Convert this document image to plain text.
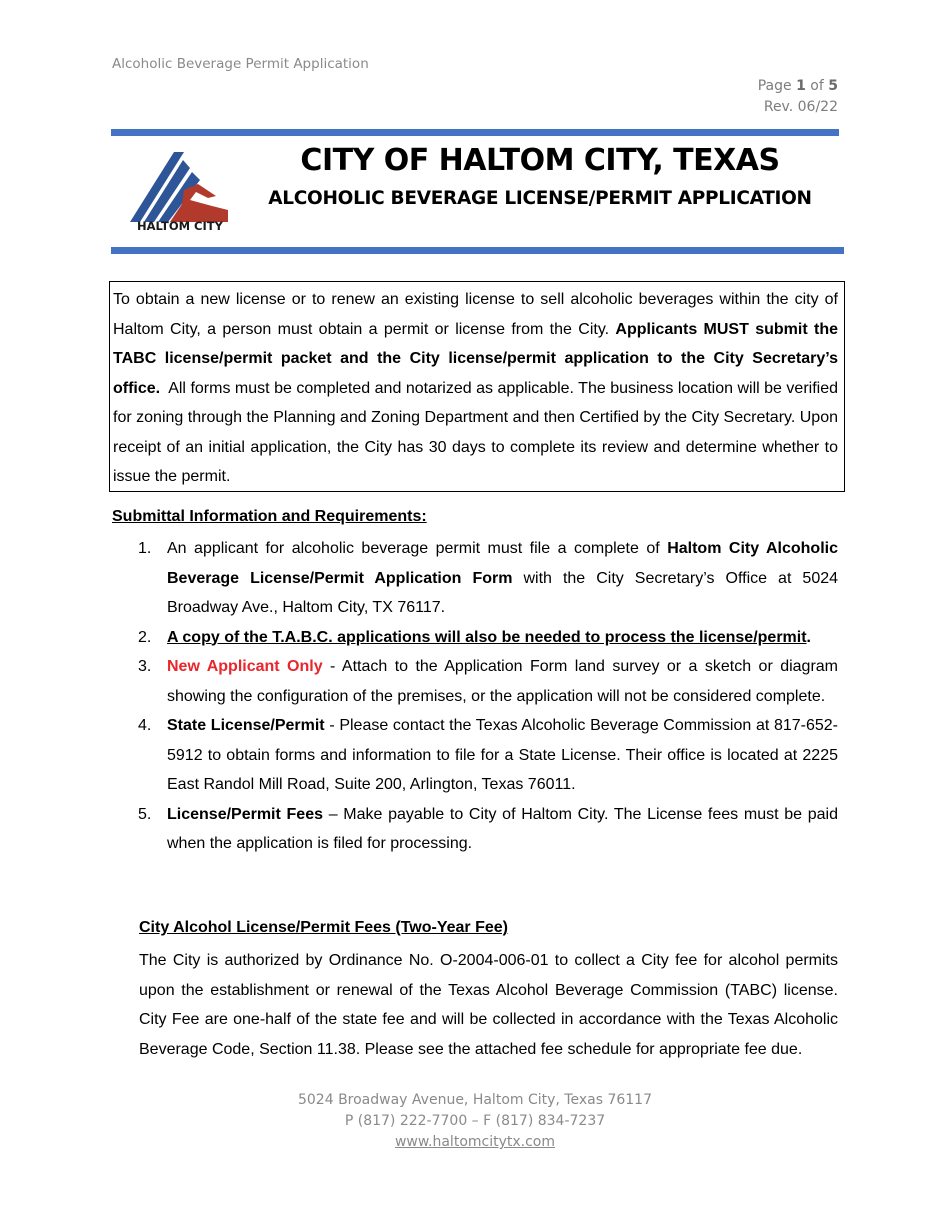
Alcoholic Beverage Permit Application
Page 1 of 5
Rev. 06/22
HALTOM CITY
CITY OF HALTOM CITY, TEXAS
ALCOHOLIC BEVERAGE LICENSE/PERMIT APPLICATION
To obtain a new license or to renew an existing license to sell alcoholic beverages within the city of Haltom City, a person must obtain a permit or license from the City. Applicants MUST submit the TABC license/permit packet and the City license/permit application to the City Secretary’s office. All forms must be completed and notarized as applicable. The business location will be verified for zoning through the Planning and Zoning Department and then Certified by the City Secretary. Upon receipt of an initial application, the City has 30 days to complete its review and determine whether to issue the permit.
Submittal Information and Requirements:
1. An applicant for alcoholic beverage permit must file a complete of Haltom City Alcoholic Beverage License/Permit Application Form with the City Secretary’s Office at 5024 Broadway Ave., Haltom City, TX 76117.
2. A copy of the T.A.B.C. applications will also be needed to process the license/permit.
3. New Applicant Only - Attach to the Application Form land survey or a sketch or diagram showing the configuration of the premises, or the application will not be considered complete.
4. State License/Permit - Please contact the Texas Alcoholic Beverage Commission at 817-652-5912 to obtain forms and information to file for a State License. Their office is located at 2225 East Randol Mill Road, Suite 200, Arlington, Texas 76011.
5. License/Permit Fees – Make payable to City of Haltom City. The License fees must be paid when the application is filed for processing.
City Alcohol License/Permit Fees (Two-Year Fee)
The City is authorized by Ordinance No. O-2004-006-01 to collect a City fee for alcohol permits upon the establishment or renewal of the Texas Alcohol Beverage Commission (TABC) license. City Fee are one-half of the state fee and will be collected in accordance with the Texas Alcoholic Beverage Code, Section 11.38. Please see the attached fee schedule for appropriate fee due.
5024 Broadway Avenue, Haltom City, Texas 76117
P (817) 222-7700 – F (817) 834-7237
www.haltomcitytx.com
